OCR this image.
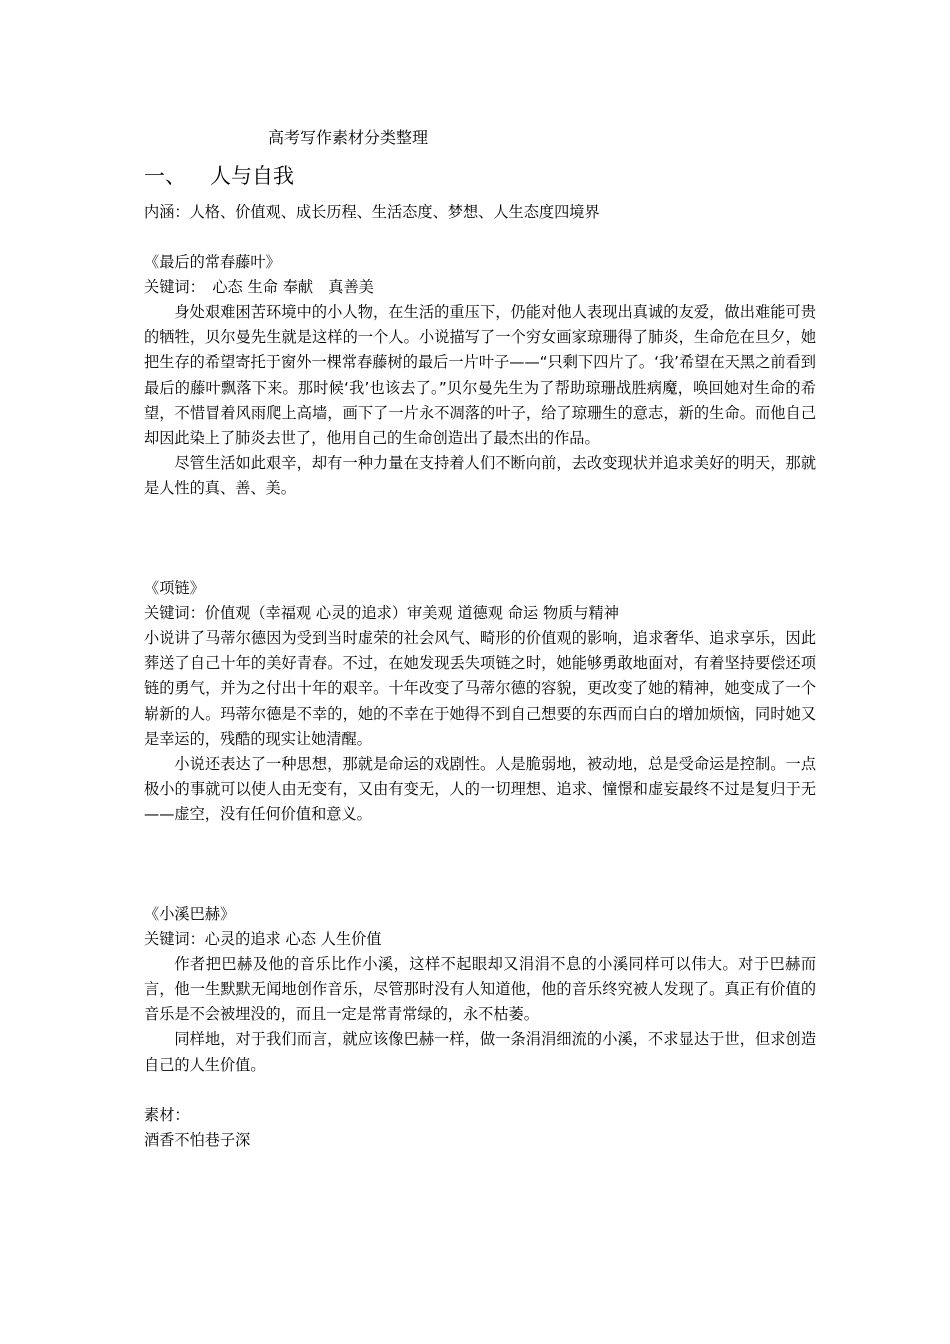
高考写作素材分类整理
一、 人与自我

内涵：人格、价值观、成长历程、生活态度、梦想、人生态度四境界

《最后的常春藤叶》

关键词：　心态 生命 奉献　真善美

身处艰难困苦环境中的小人物，在生活的重压下，仍能对他人表现出真诚的友爱，做出难能可贵的牺牲，贝尔曼先生就是这样的一个人。小说描写了一个穷女画家琼珊得了肺炎，生命危在旦夕，她把生存的希望寄托于窗外一棵常春藤树的最后一片叶子——“只剩下四片了。‘我’希望在天黑之前看到最后的藤叶飘落下来。那时候‘我’也该去了。”贝尔曼先生为了帮助琼珊战胜病魔，唤回她对生命的希望，不惜冒着风雨爬上高墙，画下了一片永不凋落的叶子，给了琼珊生的意志，新的生命。而他自己却因此染上了肺炎去世了，他用自己的生命创造出了最杰出的作品。

尽管生活如此艰辛，却有一种力量在支持着人们不断向前，去改变现状并追求美好的明天，那就是人性的真、善、美。

《项链》

关键词：价值观（幸福观 心灵的追求）审美观 道德观 命运 物质与精神

小说讲了马蒂尔德因为受到当时虚荣的社会风气、畸形的价值观的影响，追求奢华、追求享乐，因此葬送了自己十年的美好青春。不过，在她发现丢失项链之时，她能够勇敢地面对，有着坚持要偿还项链的勇气，并为之付出十年的艰辛。十年改变了马蒂尔德的容貌，更改变了她的精神，她变成了一个崭新的人。玛蒂尔德是不幸的，她的不幸在于她得不到自己想要的东西而白白的增加烦恼，同时她又是幸运的，残酷的现实让她清醒。

小说还表达了一种思想，那就是命运的戏剧性。人是脆弱地，被动地，总是受命运是控制。一点极小的事就可以使人由无变有，又由有变无，人的一切理想、追求、憧憬和虚妄最终不过是复归于无——虚空，没有任何价值和意义。

《小溪巴赫》

关键词：心灵的追求 心态 人生价值

作者把巴赫及他的音乐比作小溪，这样不起眼却又涓涓不息的小溪同样可以伟大。对于巴赫而言，他一生默默无闻地创作音乐，尽管那时没有人知道他，他的音乐终究被人发现了。真正有价值的音乐是不会被埋没的，而且一定是常青常绿的，永不枯萎。

同样地，对于我们而言，就应该像巴赫一样，做一条涓涓细流的小溪，不求显达于世，但求创造自己的人生价值。

素材：

酒香不怕巷子深
